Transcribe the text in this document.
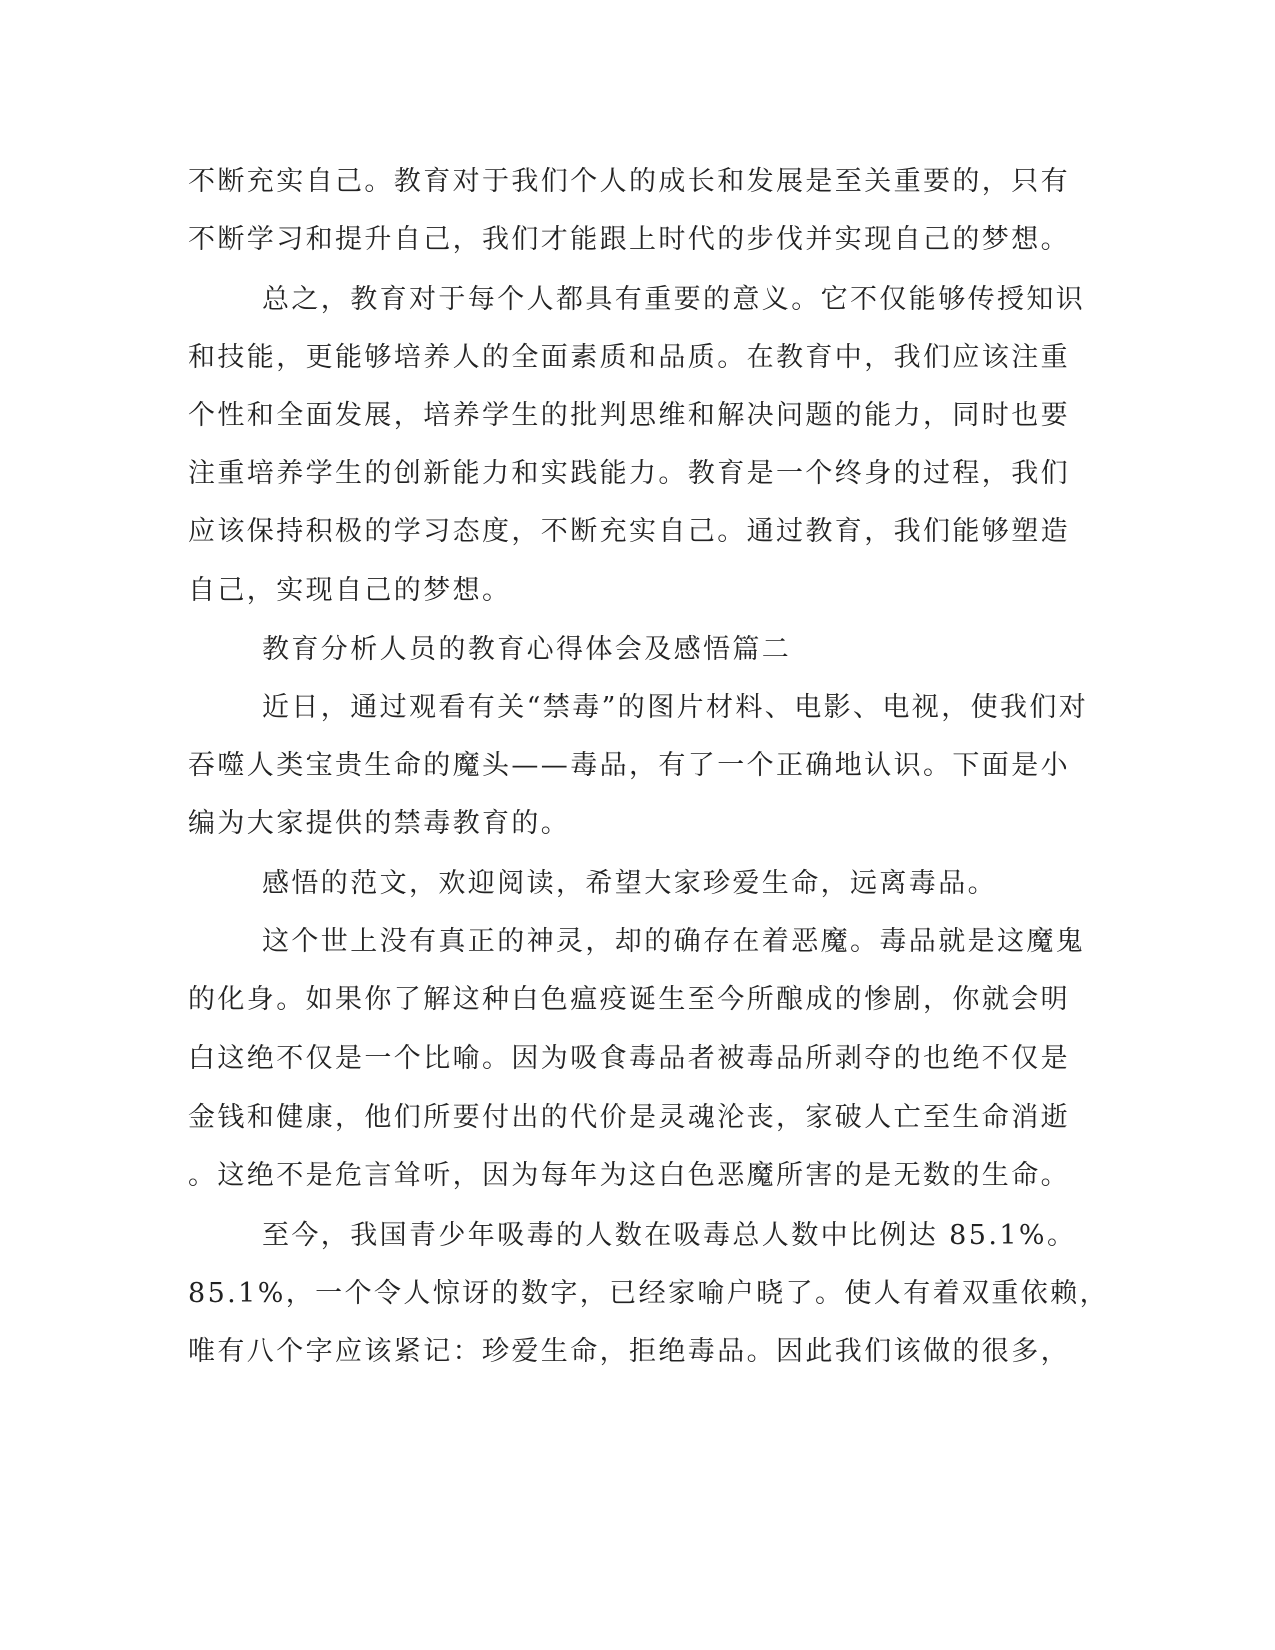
不断充实自己。教育对于我们个人的成长和发展是至关重要的，只有
不断学习和提升自己，我们才能跟上时代的步伐并实现自己的梦想。
总之，教育对于每个人都具有重要的意义。它不仅能够传授知识
和技能，更能够培养人的全面素质和品质。在教育中，我们应该注重
个性和全面发展，培养学生的批判思维和解决问题的能力，同时也要
注重培养学生的创新能力和实践能力。教育是一个终身的过程，我们
应该保持积极的学习态度，不断充实自己。通过教育，我们能够塑造
自己，实现自己的梦想。
教育分析人员的教育心得体会及感悟篇二
近日，通过观看有关“禁毒”的图片材料、电影、电视，使我们对
吞噬人类宝贵生命的魔头——毒品，有了一个正确地认识。下面是小
编为大家提供的禁毒教育的。
感悟的范文，欢迎阅读，希望大家珍爱生命，远离毒品。
这个世上没有真正的神灵，却的确存在着恶魔。毒品就是这魔鬼
的化身。如果你了解这种白色瘟疫诞生至今所酿成的惨剧，你就会明
白这绝不仅是一个比喻。因为吸食毒品者被毒品所剥夺的也绝不仅是
金钱和健康，他们所要付出的代价是灵魂沦丧，家破人亡至生命消逝
。这绝不是危言耸听，因为每年为这白色恶魔所害的是无数的生命。
至今，我国青少年吸毒的人数在吸毒总人数中比例达 85.1%。
85.1%，一个令人惊讶的数字，已经家喻户晓了。使人有着双重依赖，
唯有八个字应该紧记：珍爱生命，拒绝毒品。因此我们该做的很多，
